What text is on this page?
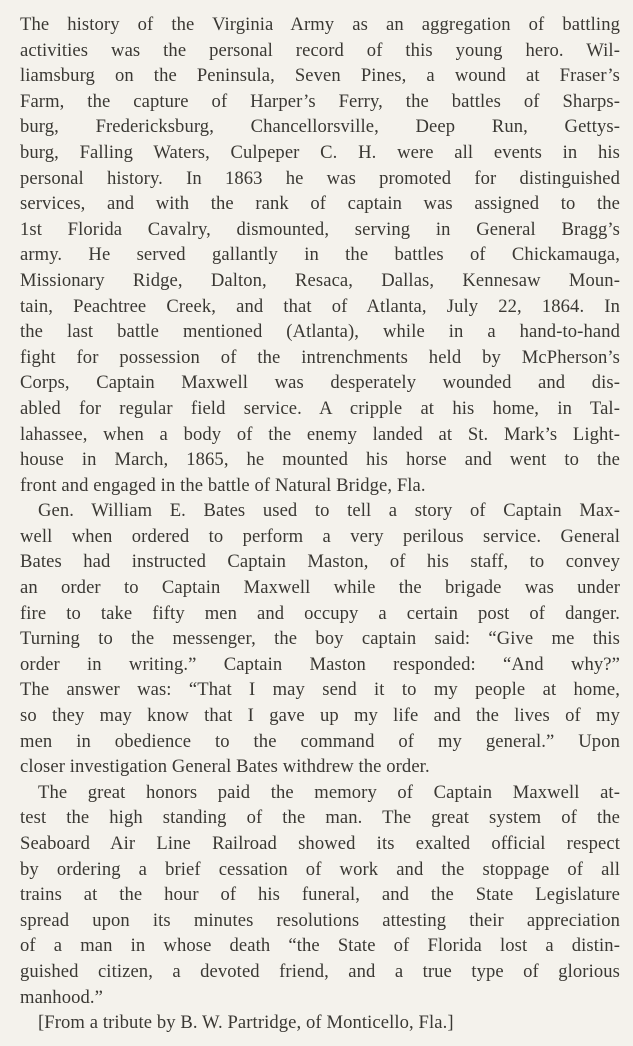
The history of the Virginia Army as an aggregation of battling
activities was the personal record of this young hero. Wil-
liamsburg on the Peninsula, Seven Pines, a wound at Fraser’s
Farm, the capture of Harper’s Ferry, the battles of Sharps-
burg, Fredericksburg, Chancellorsville, Deep Run, Gettys-
burg, Falling Waters, Culpeper C. H. were all events in his
personal history. In 1863 he was promoted for distinguished
services, and with the rank of captain was assigned to the
1st Florida Cavalry, dismounted, serving in General Bragg’s
army. He served gallantly in the battles of Chickamauga,
Missionary Ridge, Dalton, Resaca, Dallas, Kennesaw Moun-
tain, Peachtree Creek, and that of Atlanta, July 22, 1864. In
the last battle mentioned (Atlanta), while in a hand-to-hand
fight for possession of the intrenchments held by McPherson’s
Corps, Captain Maxwell was desperately wounded and dis-
abled for regular field service. A cripple at his home, in Tal-
lahassee, when a body of the enemy landed at St. Mark’s Light-
house in March, 1865, he mounted his horse and went to the
front and engaged in the battle of Natural Bridge, Fla.
Gen. William E. Bates used to tell a story of Captain Max-
well when ordered to perform a very perilous service. General
Bates had instructed Captain Maston, of his staff, to convey
an order to Captain Maxwell while the brigade was under
fire to take fifty men and occupy a certain post of danger.
Turning to the messenger, the boy captain said: “Give me this
order in writing.” Captain Maston responded: “And why?”
The answer was: “That I may send it to my people at home,
so they may know that I gave up my life and the lives of my
men in obedience to the command of my general.” Upon
closer investigation General Bates withdrew the order.
The great honors paid the memory of Captain Maxwell at-
test the high standing of the man. The great system of the
Seaboard Air Line Railroad showed its exalted official respect
by ordering a brief cessation of work and the stoppage of all
trains at the hour of his funeral, and the State Legislature
spread upon its minutes resolutions attesting their appreciation
of a man in whose death “the State of Florida lost a distin-
guished citizen, a devoted friend, and a true type of glorious
manhood.”
[From a tribute by B. W. Partridge, of Monticello, Fla.]
